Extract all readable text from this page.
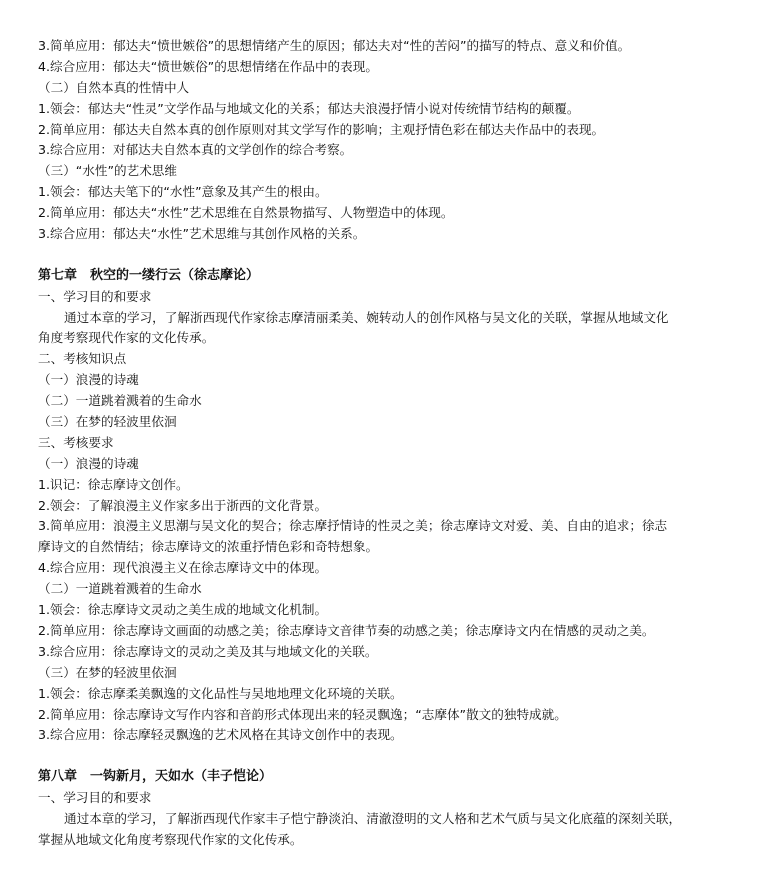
3.简单应用：郁达夫“愤世嫉俗”的思想情绪产生的原因；郁达夫对“性的苦闷”的描写的特点、意义和价值。
4.综合应用：郁达夫“愤世嫉俗”的思想情绪在作品中的表现。
（二）自然本真的性情中人
1.领会：郁达夫“性灵”文学作品与地域文化的关系；郁达夫浪漫抒情小说对传统情节结构的颠覆。
2.简单应用：郁达夫自然本真的创作原则对其文学写作的影响；主观抒情色彩在郁达夫作品中的表现。
3.综合应用：对郁达夫自然本真的文学创作的综合考察。
（三）“水性”的艺术思维
1.领会：郁达夫笔下的“水性”意象及其产生的根由。
2.简单应用：郁达夫“水性”艺术思维在自然景物描写、人物塑造中的体现。
3.综合应用：郁达夫“水性”艺术思维与其创作风格的关系。
第七章　秋空的一缕行云（徐志摩论）
一、学习目的和要求
通过本章的学习，了解浙西现代作家徐志摩清丽柔美、婉转动人的创作风格与吴文化的关联，掌握从地域文化
角度考察现代作家的文化传承。
二、考核知识点
（一）浪漫的诗魂
（二）一道跳着溅着的生命水
（三）在梦的轻波里依洄
三、考核要求
（一）浪漫的诗魂
1.识记：徐志摩诗文创作。
2.领会：了解浪漫主义作家多出于浙西的文化背景。
3.简单应用：浪漫主义思潮与吴文化的契合；徐志摩抒情诗的性灵之美；徐志摩诗文对爱、美、自由的追求；徐志
摩诗文的自然情结；徐志摩诗文的浓重抒情色彩和奇特想象。
4.综合应用：现代浪漫主义在徐志摩诗文中的体现。
（二）一道跳着溅着的生命水
1.领会：徐志摩诗文灵动之美生成的地域文化机制。
2.简单应用：徐志摩诗文画面的动感之美；徐志摩诗文音律节奏的动感之美；徐志摩诗文内在情感的灵动之美。
3.综合应用：徐志摩诗文的灵动之美及其与地域文化的关联。
（三）在梦的轻波里依洄
1.领会：徐志摩柔美飘逸的文化品性与吴地地理文化环境的关联。
2.简单应用：徐志摩诗文写作内容和音韵形式体现出来的轻灵飘逸；“志摩体”散文的独特成就。
3.综合应用：徐志摩轻灵飘逸的艺术风格在其诗文创作中的表现。
第八章　一钩新月，天如水（丰子恺论）
一、学习目的和要求
通过本章的学习，了解浙西现代作家丰子恺宁静淡泊、清澈澄明的文人格和艺术气质与吴文化底蕴的深刻关联，
掌握从地域文化角度考察现代作家的文化传承。
